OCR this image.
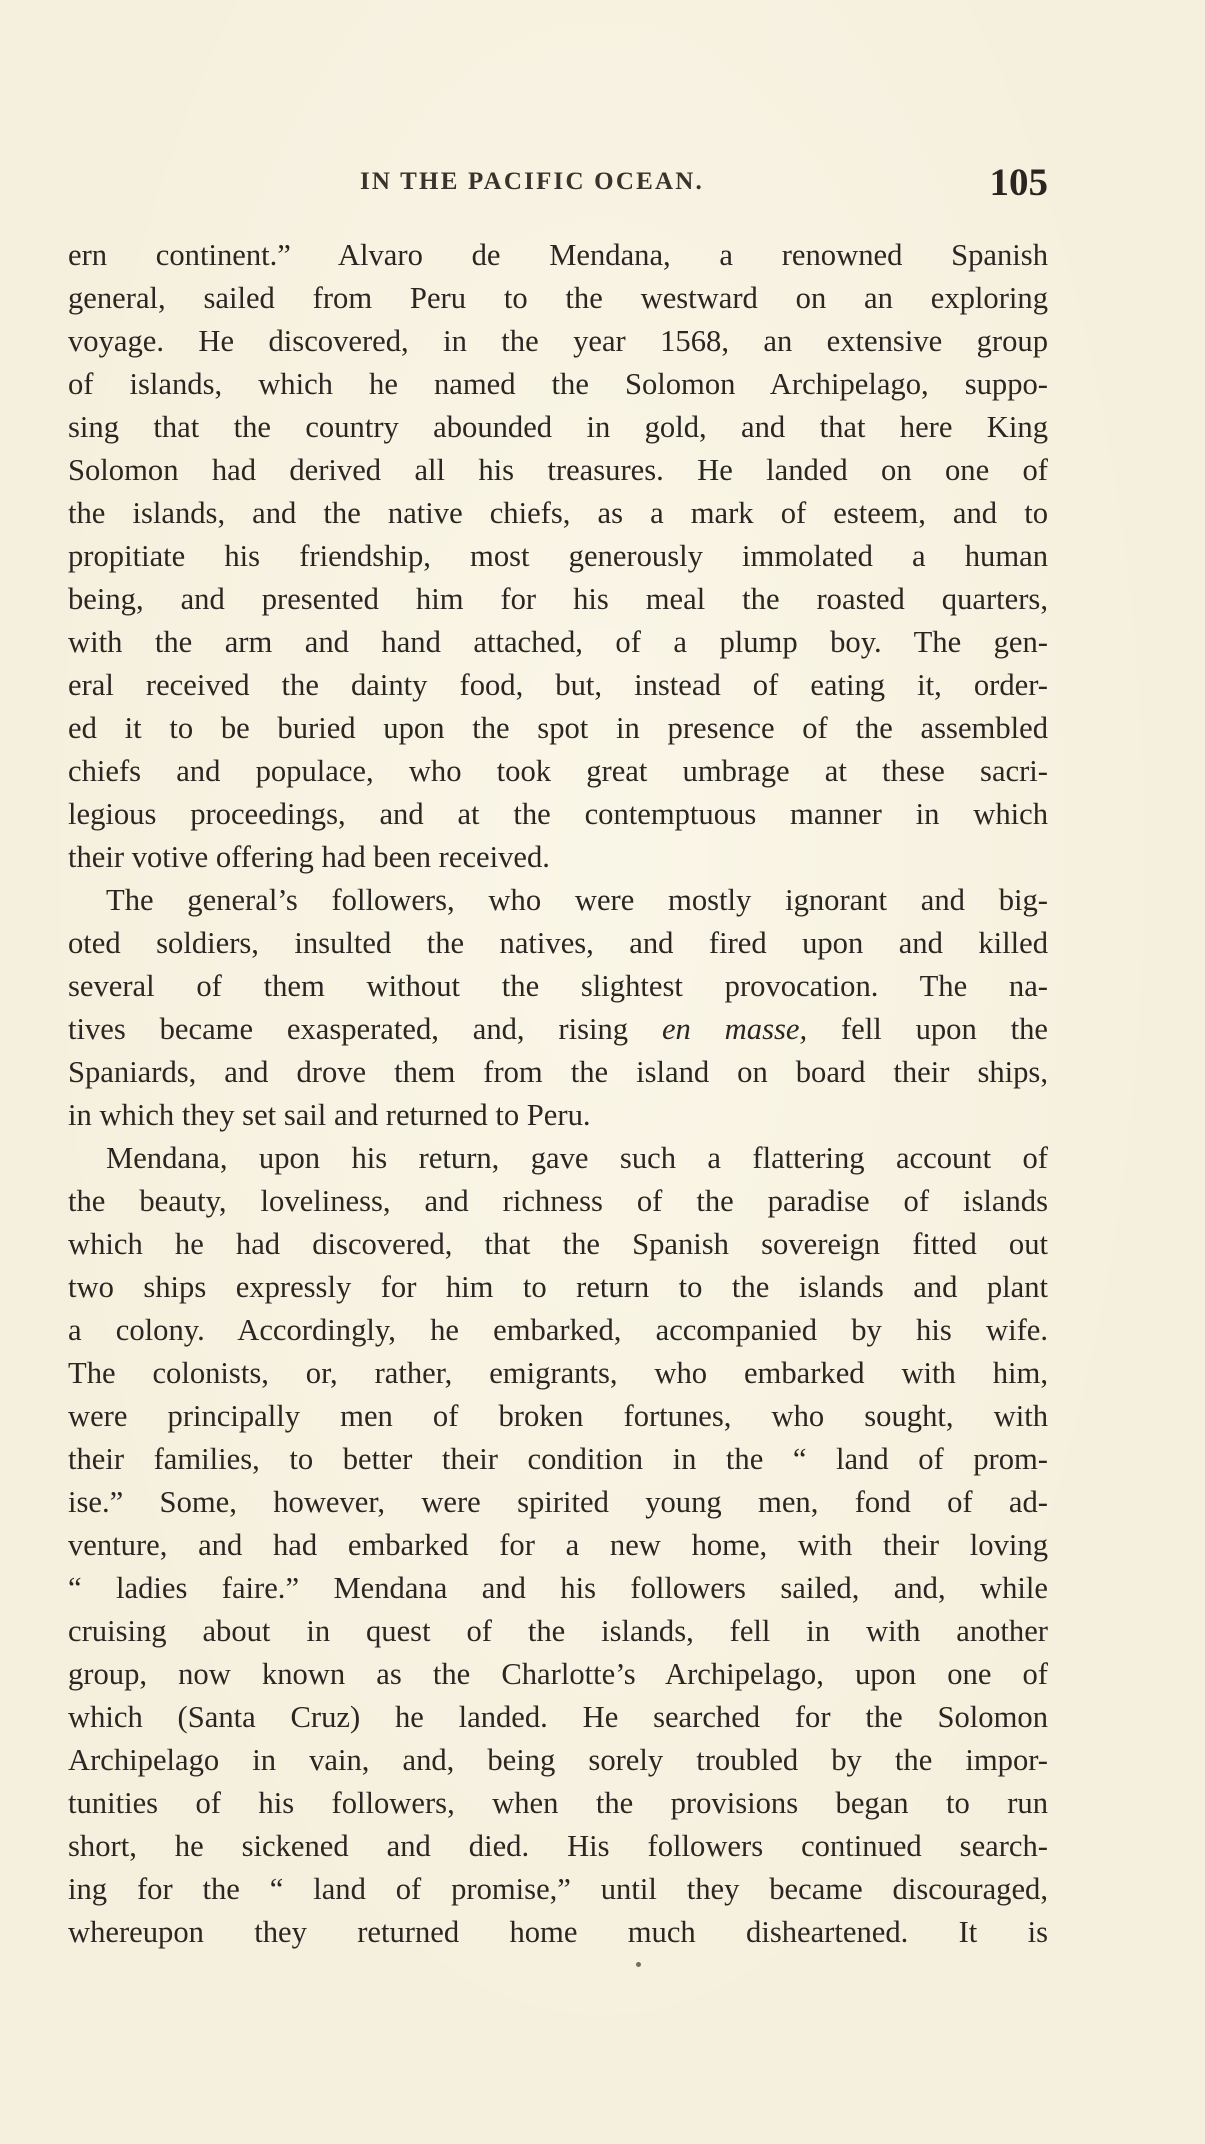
IN THE PACIFIC OCEAN.	105
ern continent.” Alvaro de Mendana, a renowned Spanish
general, sailed from Peru to the westward on an exploring
voyage. He discovered, in the year 1568, an extensive group
of islands, which he named the Solomon Archipelago, suppo-
sing that the country abounded in gold, and that here King
Solomon had derived all his treasures. He landed on one of
the islands, and the native chiefs, as a mark of esteem, and to
propitiate his friendship, most generously immolated a human
being, and presented him for his meal the roasted quarters,
with the arm and hand attached, of a plump boy. The gen-
eral received the dainty food, but, instead of eating it, order-
ed it to be buried upon the spot in presence of the assembled
chiefs and populace, who took great umbrage at these sacri-
legious proceedings, and at the contemptuous manner in which
their votive offering had been received.
The general’s followers, who were mostly ignorant and big-
oted soldiers, insulted the natives, and fired upon and killed
several of them without the slightest provocation. The na-
tives became exasperated, and, rising en masse, fell upon the
Spaniards, and drove them from the island on board their ships,
in which they set sail and returned to Peru.
Mendana, upon his return, gave such a flattering account of
the beauty, loveliness, and richness of the paradise of islands
which he had discovered, that the Spanish sovereign fitted out
two ships expressly for him to return to the islands and plant
a colony. Accordingly, he embarked, accompanied by his wife.
The colonists, or, rather, emigrants, who embarked with him,
were principally men of broken fortunes, who sought, with
their families, to better their condition in the “ land of prom-
ise.” Some, however, were spirited young men, fond of ad-
venture, and had embarked for a new home, with their loving
“ ladies faire.” Mendana and his followers sailed, and, while
cruising about in quest of the islands, fell in with another
group, now known as the Charlotte’s Archipelago, upon one of
which (Santa Cruz) he landed. He searched for the Solomon
Archipelago in vain, and, being sorely troubled by the impor-
tunities of his followers, when the provisions began to run
short, he sickened and died. His followers continued search-
ing for the “ land of promise,” until they became discouraged,
whereupon they returned home much disheartened. It is
